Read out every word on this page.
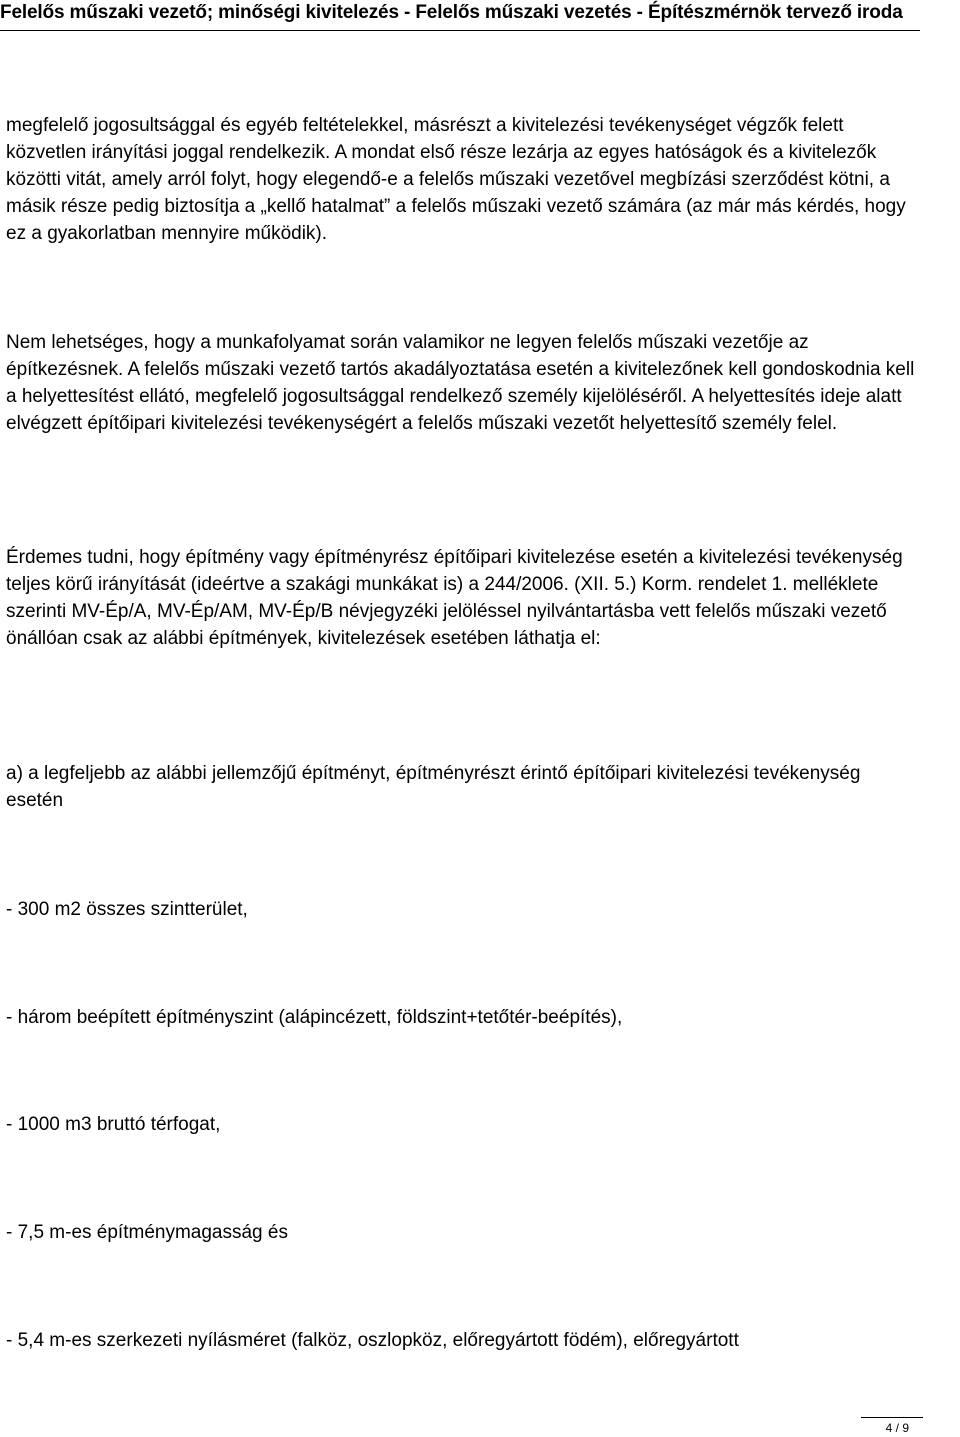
Felelős műszaki vezető; minőségi kivitelezés - Felelős műszaki vezetés - Építészmérnök tervező iroda

megfelelő jogosultsággal és egyéb feltételekkel, másrészt a kivitelezési tevékenységet végzők felett közvetlen irányítási joggal rendelkezik. A mondat első része lezárja az egyes hatóságok és a kivitelezők közötti vitát, amely arról folyt, hogy elegendő-e a felelős műszaki vezetővel megbízási szerződést kötni, a másik része pedig biztosítja a „kellő hatalmat” a felelős műszaki vezető számára (az már más kérdés, hogy ez a gyakorlatban mennyire működik).

Nem lehetséges, hogy a munkafolyamat során valamikor ne legyen felelős műszaki vezetője az építkezésnek. A felelős műszaki vezető tartós akadályoztatása esetén a kivitelezőnek kell gondoskodnia kell a helyettesítést ellátó, megfelelő jogosultsággal rendelkező személy kijelöléséről. A helyettesítés ideje alatt elvégzett építőipari kivitelezési tevékenységért a felelős műszaki vezetőt helyettesítő személy felel.

Érdemes tudni, hogy építmény vagy építményrész építőipari kivitelezése esetén a kivitelezési tevékenység teljes körű irányítását (ideértve a szakági munkákat is) a 244/2006. (XII. 5.) Korm. rendelet 1. melléklete szerinti MV-Ép/A, MV-Ép/AM, MV-Ép/B névjegyzéki jelöléssel nyilvántartásba vett felelős műszaki vezető önállóan csak az alábbi építmények, kivitelezések esetében láthatja el:

a) a legfeljebb az alábbi jellemzőjű építményt, építményrészt érintő építőipari kivitelezési tevékenység esetén

- 300 m2 összes szintterület,

- három beépített építményszint (alápincézett, földszint+tetőtér-beépítés),

- 1000 m3 bruttó térfogat,

- 7,5 m-es építménymagasság és

- 5,4 m-es szerkezeti nyílásméret (falköz, oszlopköz, előregyártott födém), előregyártott

4 / 9
